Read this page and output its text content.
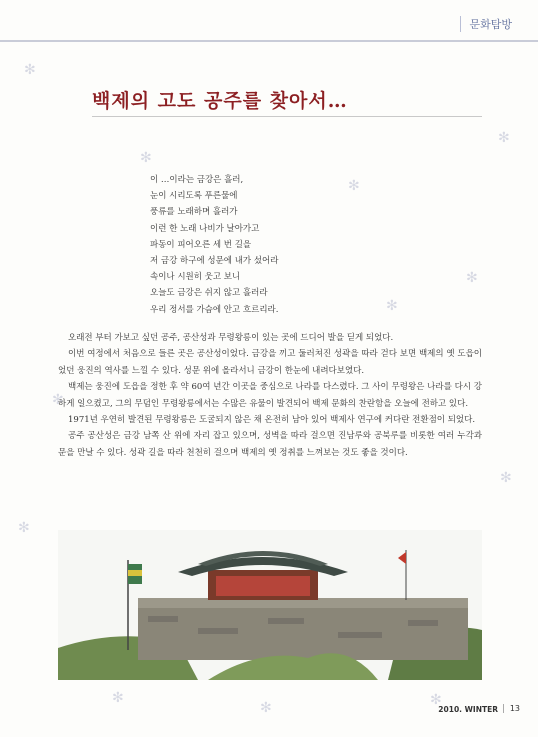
✻
✻
✻
✻
✻
✻
✻
✻
✻
✻	✻
✻
문화탐방
백제의 고도 공주를 찾아서…
이 …이라는 금강은 흘러,
눈이 시리도록 푸른물에
풍류를 노래하며 흘러가
이런 한 노래 나비가 날아가고
파동이 피어오른 세 번 길을
저 금강 하구에 성문에 내가 섰어라
속이나 시원히 웃고 보니
오늘도 금강은 쉬지 않고 흘러라
우리 정서를 가슴에 안고 흐르리라.

오래전 부터 가보고 싶던 공주, 공산성과 무령왕릉이 있는 곳에 드디어 발을 딛게 되었다.

이번 여정에서 처음으로 들른 곳은 공산성이었다. 금강을 끼고 둘러쳐진 성곽을 따라 걷다 보면 백제의 옛 도읍이었던 웅진의 역사를 느낄 수 있다. 성문 위에 올라서니 금강이 한눈에 내려다보였다.

백제는 웅진에 도읍을 정한 후 약 60여 년간 이곳을 중심으로 나라를 다스렸다. 그 사이 무령왕은 나라를 다시 강하게 일으켰고, 그의 무덤인 무령왕릉에서는 수많은 유물이 발견되어 백제 문화의 찬란함을 오늘에 전하고 있다.

1971년 우연히 발견된 무령왕릉은 도굴되지 않은 채 온전히 남아 있어 백제사 연구에 커다란 전환점이 되었다.

공주 공산성은 금강 남쪽 산 위에 자리 잡고 있으며, 성벽을 따라 걸으면 진남루와 공북루를 비롯한 여러 누각과 문을 만날 수 있다. 성곽 길을 따라 천천히 걸으며 백제의 옛 정취를 느껴보는 것도 좋을 것이다.

2010. WINTER	13
